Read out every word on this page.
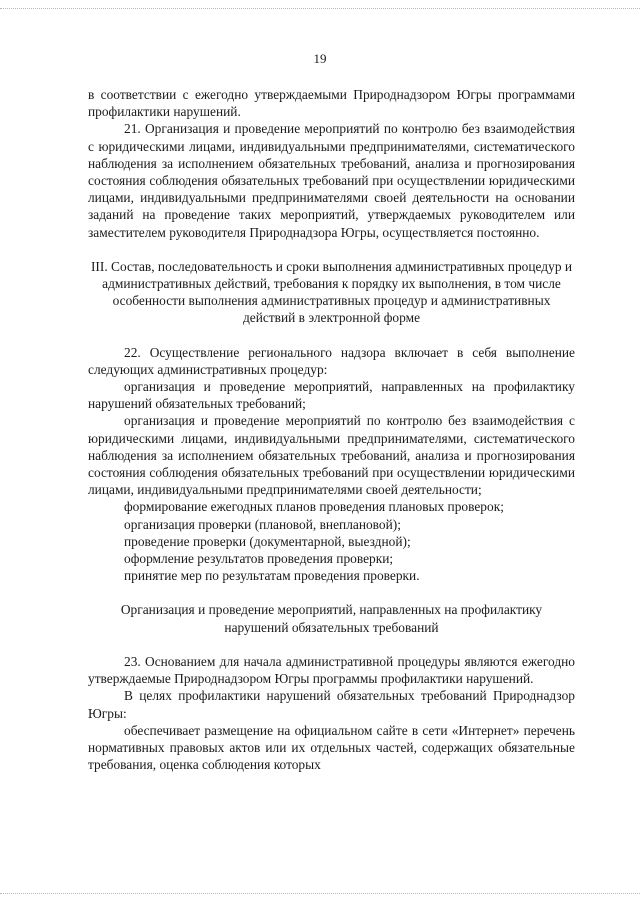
19

в соответствии с ежегодно утверждаемыми Природнадзором Югры программами профилактики нарушений.

21. Организация и проведение мероприятий по контролю без взаимодействия с юридическими лицами, индивидуальными предпринимателями, систематического наблюдения за исполнением обязательных требований, анализа и прогнозирования состояния соблюдения обязательных требований при осуществлении юридическими лицами, индивидуальными предпринимателями своей деятельности на основании заданий на проведение таких мероприятий, утверждаемых руководителем или заместителем руководителя Природнадзора Югры, осуществляется постоянно.

III. Состав, последовательность и сроки выполнения административных процедур и административных действий, требования к порядку их выполнения, в том числе особенности выполнения административных процедур и административных действий в электронной форме

22. Осуществление регионального надзора включает в себя выполнение следующих административных процедур:

организация и проведение мероприятий, направленных на профилактику нарушений обязательных требований;

организация и проведение мероприятий по контролю без взаимодействия с юридическими лицами, индивидуальными предпринимателями, систематического наблюдения за исполнением обязательных требований, анализа и прогнозирования состояния соблюдения обязательных требований при осуществлении юридическими лицами, индивидуальными предпринимателями своей деятельности;

формирование ежегодных планов проведения плановых проверок;

организация проверки (плановой, внеплановой);

проведение проверки (документарной, выездной);

оформление результатов проведения проверки;

принятие мер по результатам проведения проверки.

Организация и проведение мероприятий, направленных на профилактику нарушений обязательных требований

23. Основанием для начала административной процедуры являются ежегодно утверждаемые Природнадзором Югры программы профилактики нарушений.

В целях профилактики нарушений обязательных требований Природнадзор Югры:

обеспечивает размещение на официальном сайте в сети «Интернет» перечень нормативных правовых актов или их отдельных частей, содержащих обязательные требования, оценка соблюдения которых
